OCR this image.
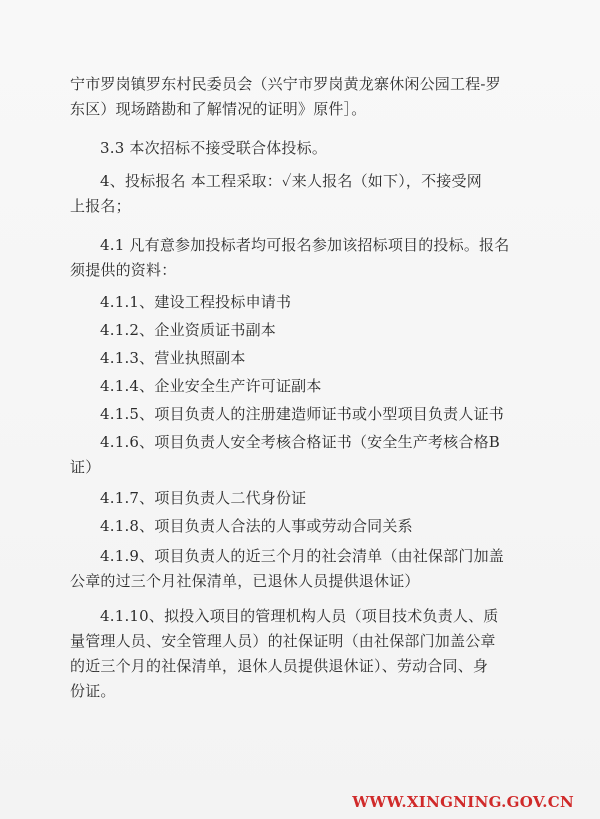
宁市罗岗镇罗东村民委员会（兴宁市罗岗黄龙寨休闲公园工程-罗
东区）现场踏勘和了解情况的证明》原件］。
3.3 本次招标不接受联合体投标。
4、投标报名 本工程采取：✓来人报名（如下），不接受网
上报名；
4.1 凡有意参加投标者均可报名参加该招标项目的投标。报名
须提供的资料：
4.1.1、建设工程投标申请书
4.1.2、企业资质证书副本
4.1.3、营业执照副本
4.1.4、企业安全生产许可证副本
4.1.5、项目负责人的注册建造师证书或小型项目负责人证书
4.1.6、项目负责人安全考核合格证书（安全生产考核合格B
证）
4.1.7、项目负责人二代身份证
4.1.8、项目负责人合法的人事或劳动合同关系
4.1.9、项目负责人的近三个月的社会清单（由社保部门加盖
公章的过三个月社保清单，已退休人员提供退休证）
4.1.10、拟投入项目的管理机构人员（项目技术负责人、质
量管理人员、安全管理人员）的社保证明（由社保部门加盖公章
的近三个月的社保清单，退休人员提供退休证）、劳动合同、身
份证。
WWW.XINGNING.GOV.CN
